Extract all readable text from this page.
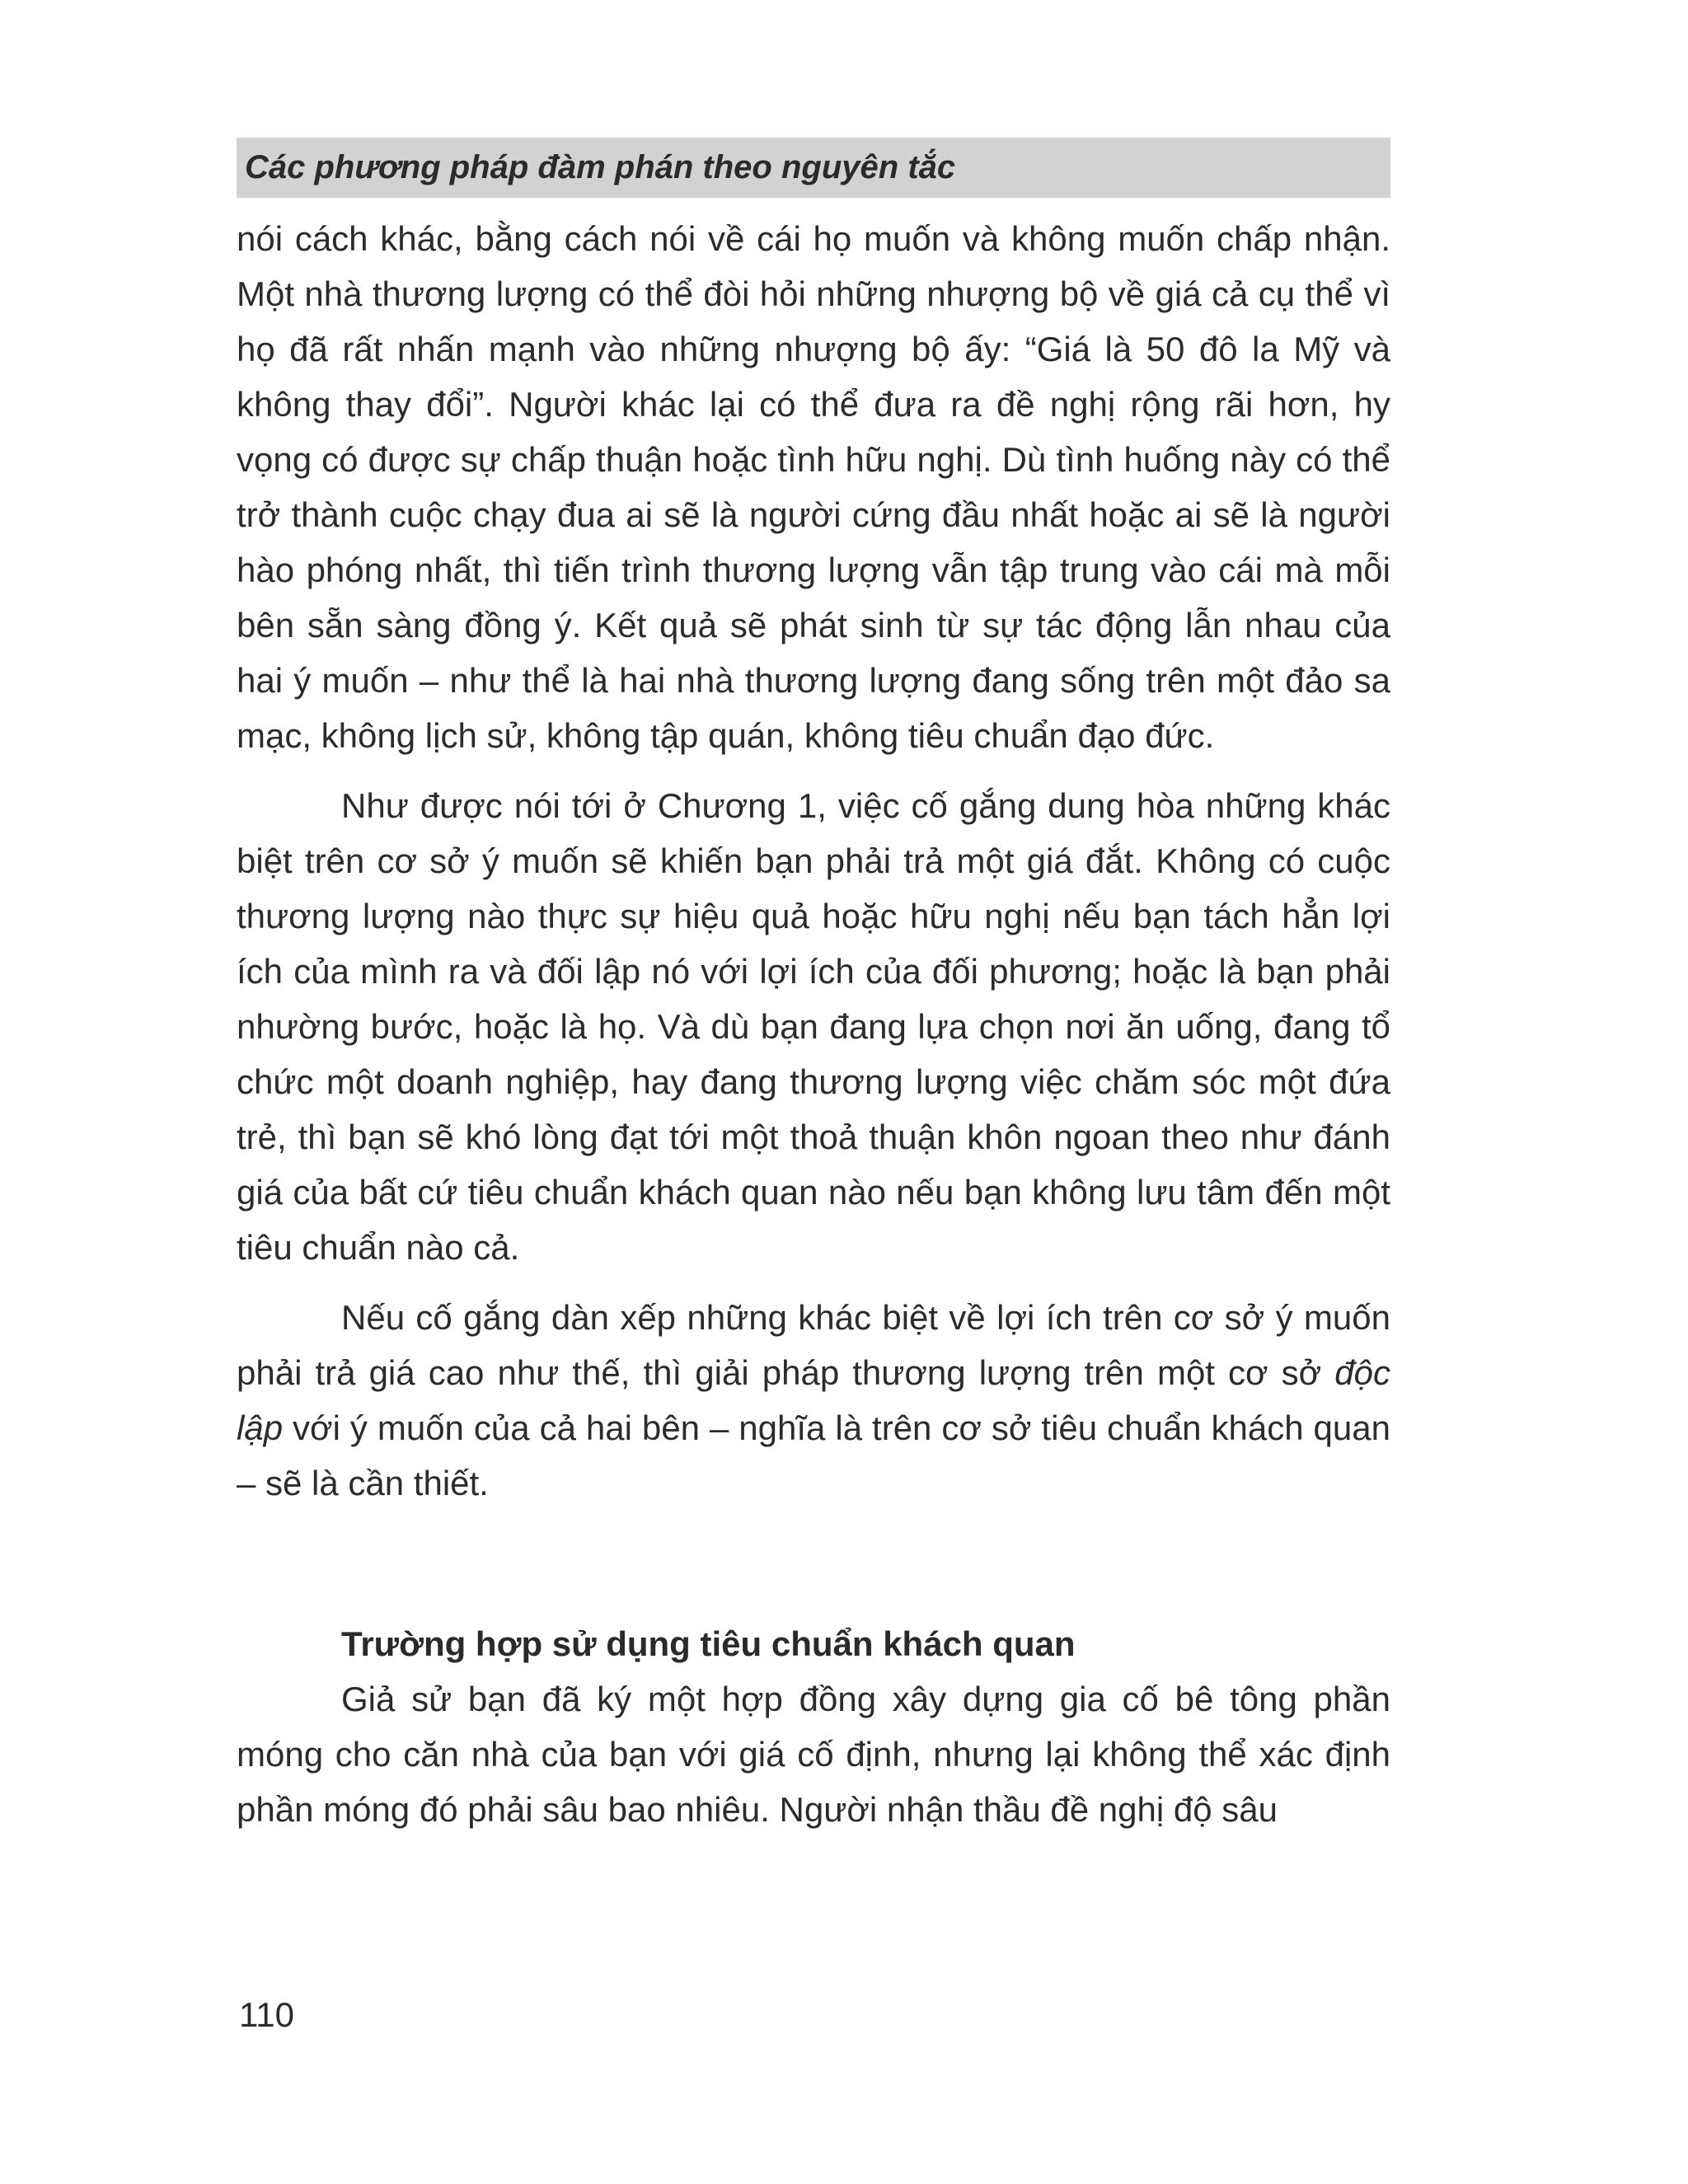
Các phương pháp đàm phán theo nguyên tắc

nói cách khác, bằng cách nói về cái họ muốn và không muốn chấp nhận. Một nhà thương lượng có thể đòi hỏi những nhượng bộ về giá cả cụ thể vì họ đã rất nhấn mạnh vào những nhượng bộ ấy: “Giá là 50 đô la Mỹ và không thay đổi”. Người khác lại có thể đưa ra đề nghị rộng rãi hơn, hy vọng có được sự chấp thuận hoặc tình hữu nghị. Dù tình huống này có thể trở thành cuộc chạy đua ai sẽ là người cứng đầu nhất hoặc ai sẽ là người hào phóng nhất, thì tiến trình thương lượng vẫn tập trung vào cái mà mỗi bên sẵn sàng đồng ý. Kết quả sẽ phát sinh từ sự tác động lẫn nhau của hai ý muốn – như thể là hai nhà thương lượng đang sống trên một đảo sa mạc, không lịch sử, không tập quán, không tiêu chuẩn đạo đức.

Như được nói tới ở Chương 1, việc cố gắng dung hòa những khác biệt trên cơ sở ý muốn sẽ khiến bạn phải trả một giá đắt. Không có cuộc thương lượng nào thực sự hiệu quả hoặc hữu nghị nếu bạn tách hẳn lợi ích của mình ra và đối lập nó với lợi ích của đối phương; hoặc là bạn phải nhường bước, hoặc là họ. Và dù bạn đang lựa chọn nơi ăn uống, đang tổ chức một doanh nghiệp, hay đang thương lượng việc chăm sóc một đứa trẻ, thì bạn sẽ khó lòng đạt tới một thoả thuận khôn ngoan theo như đánh giá của bất cứ tiêu chuẩn khách quan nào nếu bạn không lưu tâm đến một tiêu chuẩn nào cả.

Nếu cố gắng dàn xếp những khác biệt về lợi ích trên cơ sở ý muốn phải trả giá cao như thế, thì giải pháp thương lượng trên một cơ sở độc lập với ý muốn của cả hai bên – nghĩa là trên cơ sở tiêu chuẩn khách quan – sẽ là cần thiết.

Trường hợp sử dụng tiêu chuẩn khách quan

Giả sử bạn đã ký một hợp đồng xây dựng gia cố bê tông phần móng cho căn nhà của bạn với giá cố định, nhưng lại không thể xác định phần móng đó phải sâu bao nhiêu. Người nhận thầu đề nghị độ sâu

110
